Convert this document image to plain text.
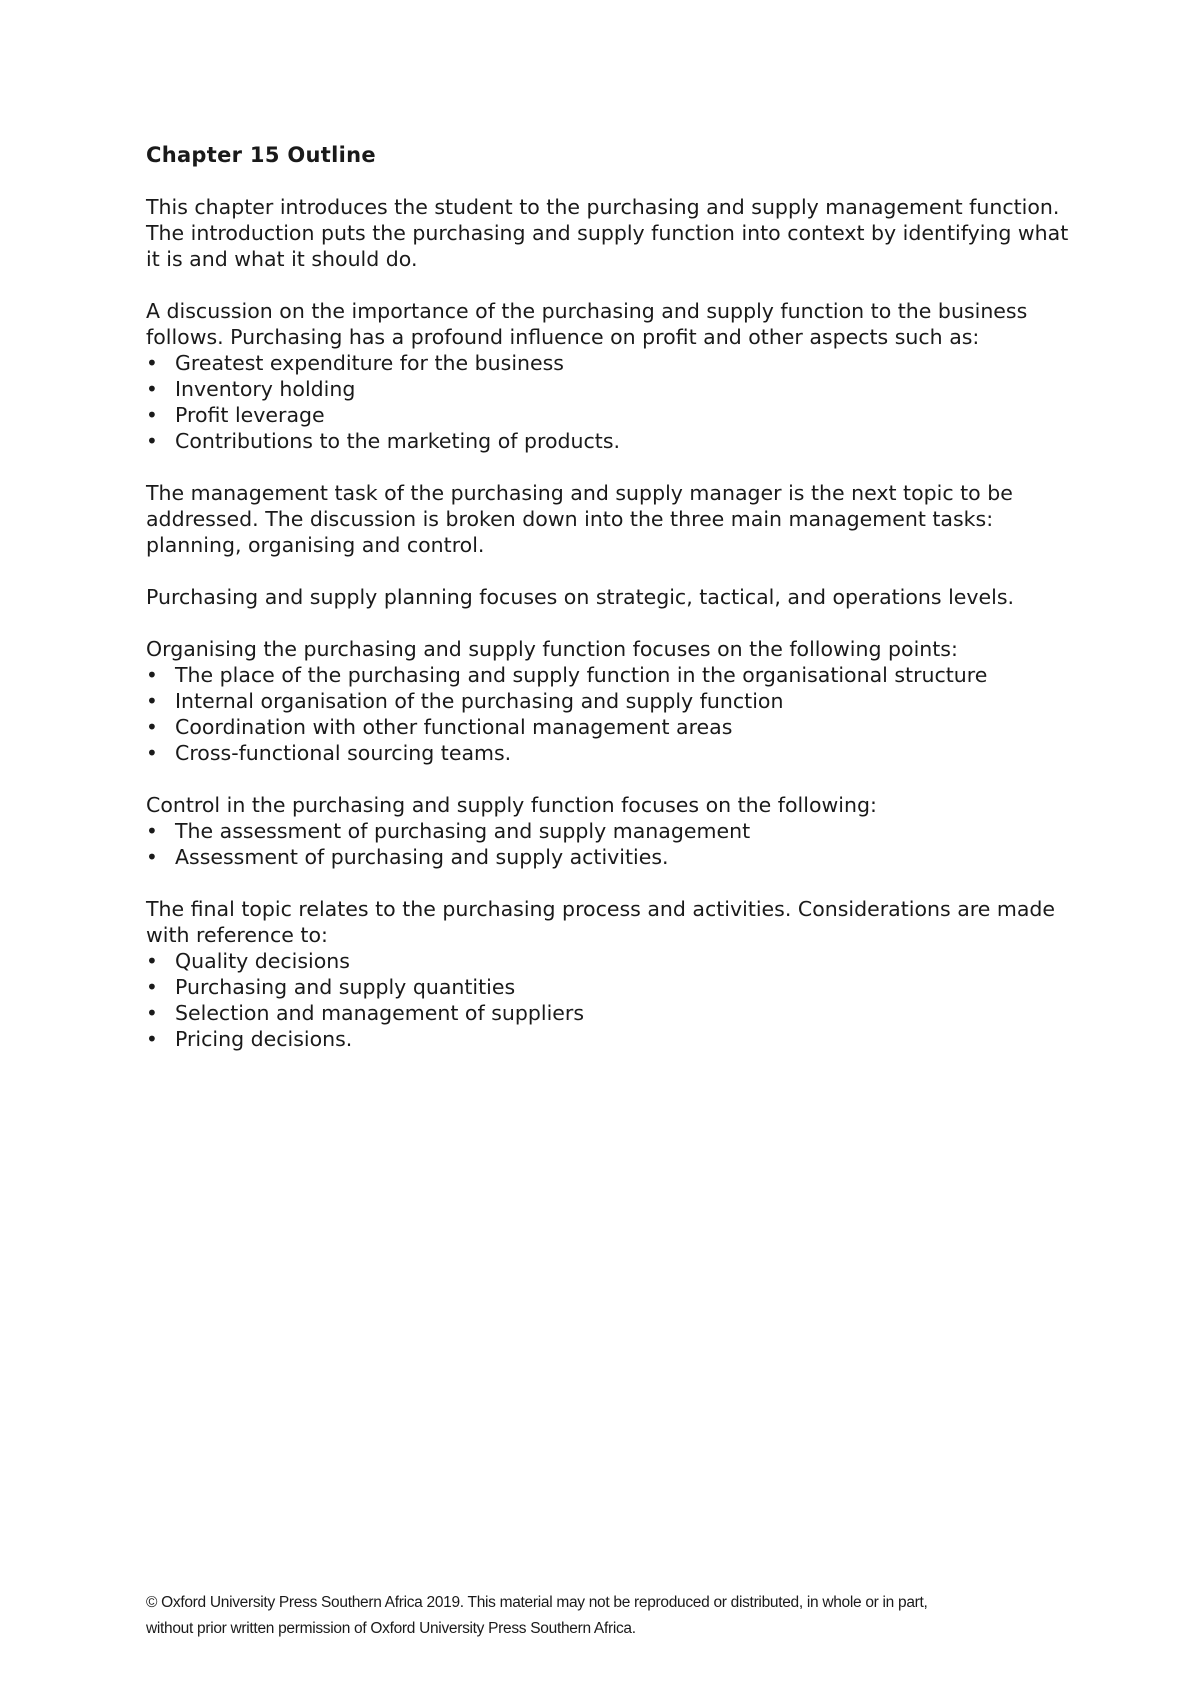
Chapter 15 Outline

This chapter introduces the student to the purchasing and supply management function. The introduction puts the purchasing and supply function into context by identifying what it is and what it should do.

A discussion on the importance of the purchasing and supply function to the business follows. Purchasing has a profound influence on profit and other aspects such as:

• Greatest expenditure for the business
• Inventory holding
• Profit leverage
• Contributions to the marketing of products.

The management task of the purchasing and supply manager is the next topic to be addressed. The discussion is broken down into the three main management tasks: planning, organising and control.

Purchasing and supply planning focuses on strategic, tactical, and operations levels.

Organising the purchasing and supply function focuses on the following points:

• The place of the purchasing and supply function in the organisational structure
• Internal organisation of the purchasing and supply function
• Coordination with other functional management areas
• Cross-functional sourcing teams.

Control in the purchasing and supply function focuses on the following:

• The assessment of purchasing and supply management
• Assessment of purchasing and supply activities.

The final topic relates to the purchasing process and activities. Considerations are made with reference to:

• Quality decisions
• Purchasing and supply quantities
• Selection and management of suppliers
• Pricing decisions.
© Oxford University Press Southern Africa 2019. This material may not be reproduced or distributed, in whole or in part,
without prior written permission of Oxford University Press Southern Africa.
